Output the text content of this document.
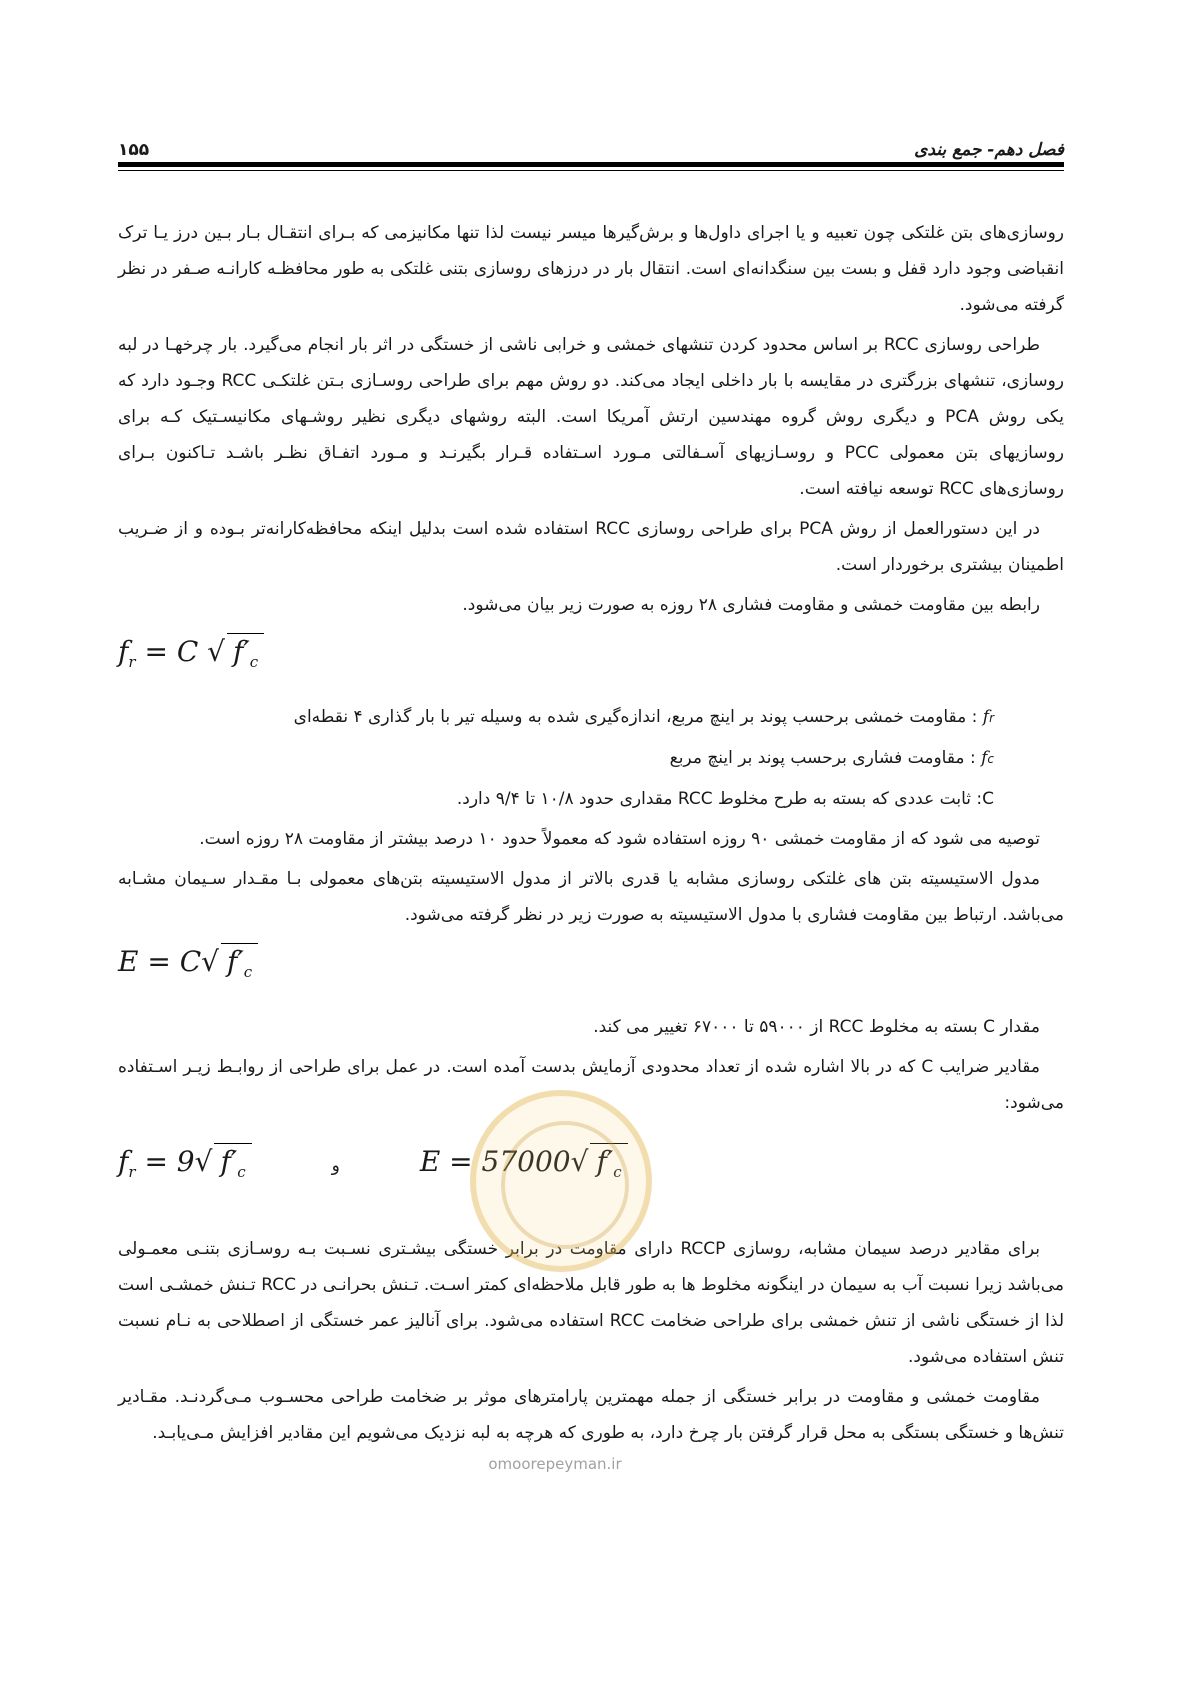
۱۵۵	فصل دهم- جمع بندی

روسازی‌های بتن غلتکی چون تعبیه و یا اجرای داول‌ها و برش‌گیرها میسر نیست لذا تنها مکانیزمی که بـرای انتقـال بـار بـین درز یـا ترک انقباضی وجود دارد قفل و بست بین سنگدانه‌ای است. انتقال بار در درزهای روسازی بتنی غلتکی به طور محافظـه کارانـه صـفر در نظر گرفته می‌شود.

طراحی روسازی RCC بر اساس محدود کردن تنشهای خمشی و خرابی ناشی از خستگی در اثر بار انجام می‌گیرد. بار چرخهـا در لبه روسازی، تنشهای بزرگتری در مقایسه با بار داخلی ایجاد می‌کند. دو روش مهم برای طراحی روسـازی بـتن غلتکـی RCC وجـود دارد که یکی روش PCA و دیگری روش گروه مهندسین ارتش آمریکا است. البته روشهای دیگری نظیر روشـهای مکانیسـتیک کـه برای روسازیهای بتن معمولی PCC و روسـازیهای آسـفالتی مـورد اسـتفاده قـرار بگیرنـد و مـورد اتفـاق نظـر باشـد تـاکنون بـرای روسازی‌های RCC توسعه نیافته است.

در این دستورالعمل از روش PCA برای طراحی روسازی RCC استفاده شده است بدلیل اینکه محافظه‌کارانه‌تر بـوده و از ضـریب اطمینان بیشتری برخوردار است.

رابطه بین مقاومت خمشی و مقاومت فشاری ۲۸ روزه به صورت زیر بیان می‌شود.

$f_r = C$ √ $f'_c$

fr : مقاومت خمشی برحسب پوند بر اینچ مربع، اندازه‌گیری شده به وسیله تیر با بار گذاری ۴ نقطه‌ای

fc : مقاومت فشاری برحسب پوند بر اینچ مربع

C: ثابت عددی که بسته به طرح مخلوط RCC مقداری حدود ۱۰/۸ تا ۹/۴ دارد.

توصیه می شود که از مقاومت خمشی ۹۰ روزه استفاده شود که معمولاً حدود ۱۰ درصد بیشتر از مقاومت ۲۸ روزه است.

مدول الاستیسیته بتن های غلتکی روسازی مشابه یا قدری بالاتر از مدول الاستیسیته بتن‌های معمولی بـا مقـدار سـیمان مشـابه می‌باشد. ارتباط بین مقاومت فشاری با مدول الاستیسیته به صورت زیر در نظر گرفته می‌شود.

E = C√ $f'_c$

مقدار C بسته به مخلوط RCC از ۵۹۰۰۰ تا ۶۷۰۰۰ تغییر می کند.

مقادیر ضرایب C که در بالا اشاره شده از تعداد محدودی آزمایش بدست آمده است. در عمل برای طراحی از روابـط زیـر اسـتفاده می‌شود:

$f_r = 9√$ $f'_c$	و	E = 57000√ $f'_c$

برای مقادیر درصد سیمان مشابه، روسازی RCCP دارای مقاومت در برابر خستگی بیشـتری نسـبت بـه روسـازی بتنـی معمـولی می‌باشد زیرا نسبت آب به سیمان در اینگونه مخلوط ها به طور قابل ملاحظه‌ای کمتر اسـت. تـنش بحرانـی در RCC تـنش خمشـی است لذا از خستگی ناشی از تنش خمشی برای طراحی ضخامت RCC استفاده می‌شود. برای آنالیز عمر خستگی از اصطلاحی به نـام نسبت تنش استفاده می‌شود.

مقاومت خمشی و مقاومت در برابر خستگی از جمله مهمترین پارامترهای موثر بر ضخامت طراحی محسـوب مـی‌گردنـد. مقـادیر تنش‌ها و خستگی بستگی به محل قرار گرفتن بار چرخ دارد، به طوری که هرچه به لبه نزدیک می‌شویم این مقادیر افزایش مـی‌یابـد.

omoorepeyman.ir
